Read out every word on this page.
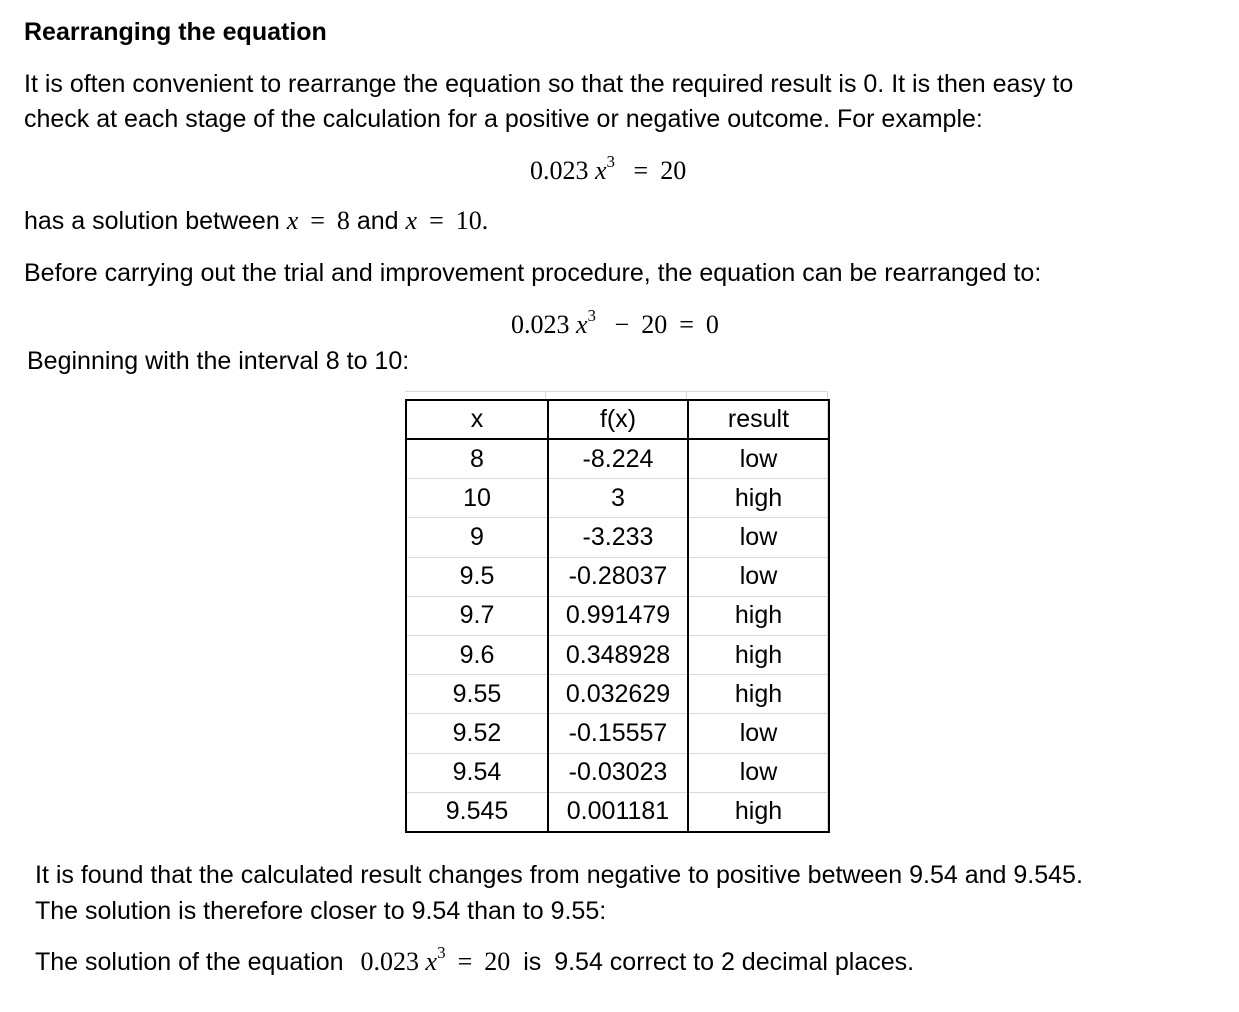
Rearranging the equation
It is often convenient to rearrange the equation so that the required result is 0. It is then easy to
check at each stage of the calculation for a positive or negative outcome. For example:
0.023 $x^3 = 20$
has a solution between x = 8 and x = 10.
Before carrying out the trial and improvement procedure, the equation can be rearranged to:
0.023 $x^3 - 20 = 0$
Beginning with the interval 8 to 10:
x	f(x)	result
8	-8.224	low
10	3	high
9	-3.233	low
9.5	-0.28037	low
9.7	0.991479	high
9.6	0.348928	high
9.55	0.032629	high
9.52	-0.15557	low
9.54	-0.03023	low
9.545	0.001181	high
It is found that the calculated result changes from negative to positive between 9.54 and 9.545.
The solution is therefore closer to 9.54 than to 9.55:
The solution of the equation 0.023 $x^3 = 20$ is 9.54 correct to 2 decimal places.
